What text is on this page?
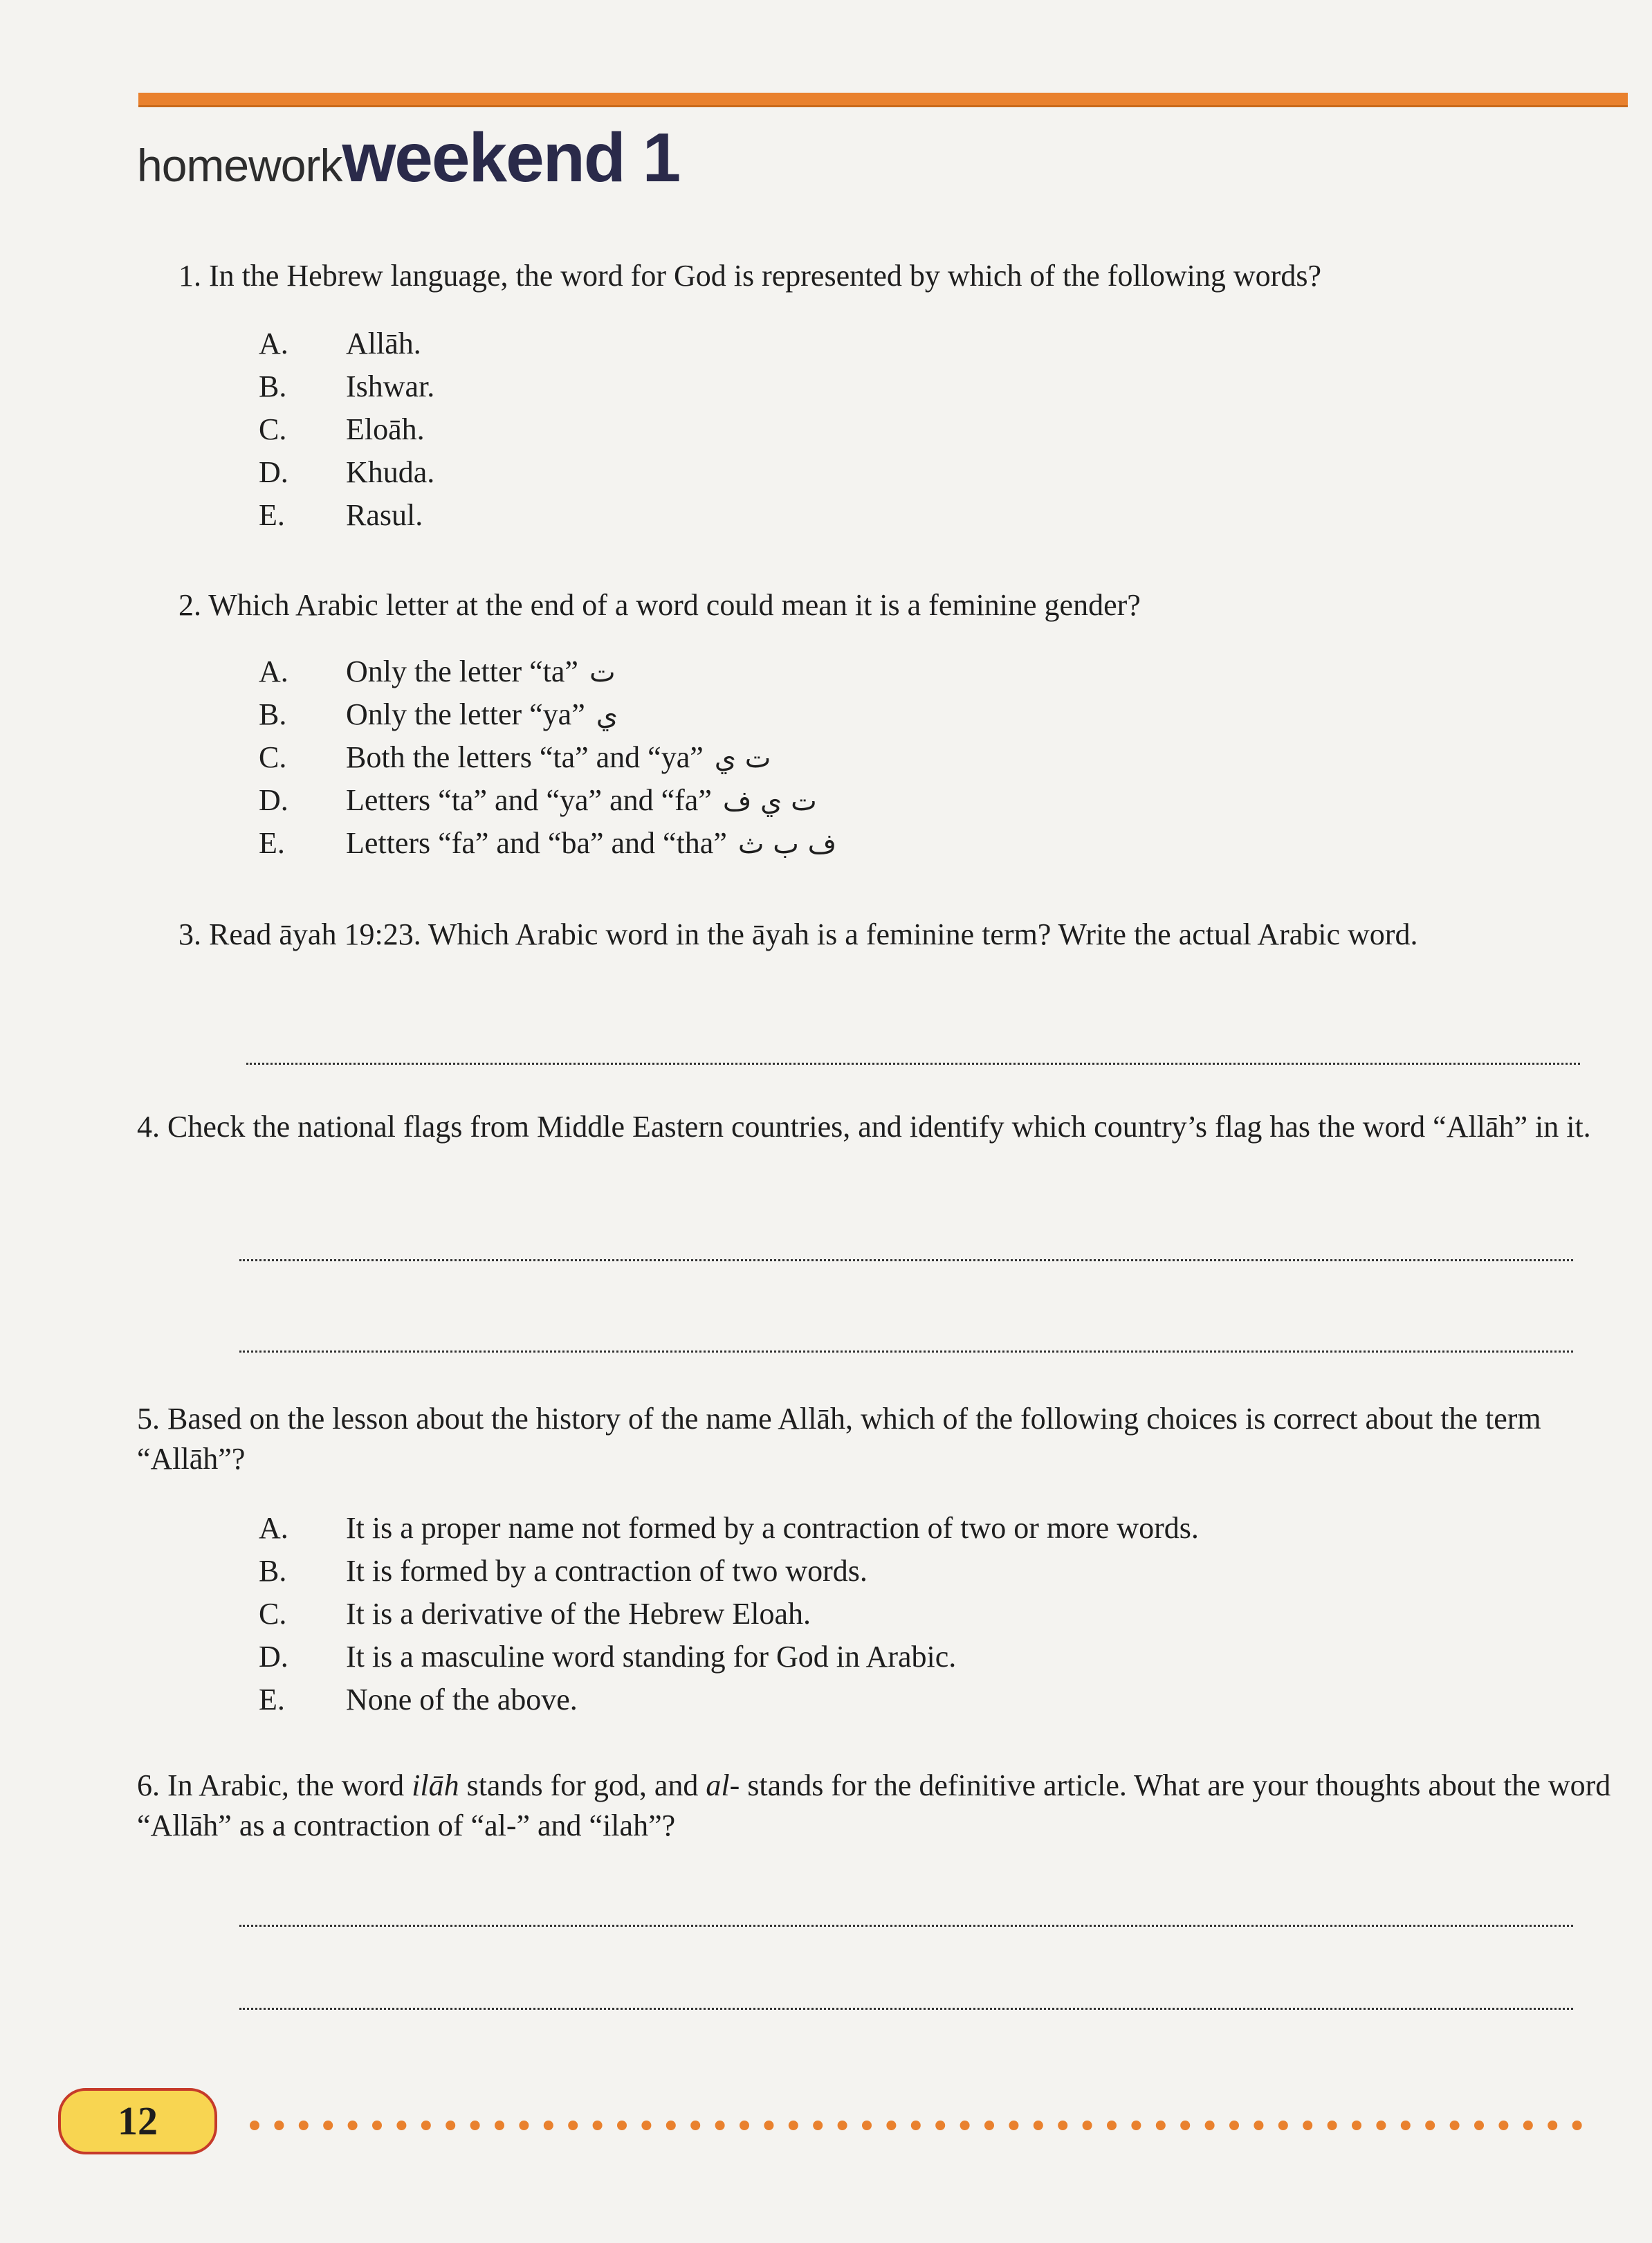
homeworkweekend 1
1. In the Hebrew language, the word for God is represented by which of the following words?
A. Allāh.
B. Ishwar.
C. Eloāh.
D. Khuda.
E. Rasul.
2. Which Arabic letter at the end of a word could mean it is a feminine gender?
A. Only the letter “ta” ت
B. Only the letter “ya” ي
C. Both the letters “ta” and “ya” ت ي
D. Letters “ta” and “ya” and “fa” ت ي ف
E. Letters “fa” and “ba” and “tha” ف ب ث
3. Read āyah 19:23. Which Arabic word in the āyah is a feminine term? Write the actual Arabic word.
4. Check the national flags from Middle Eastern countries, and identify which country’s flag has the word “Allāh” in it.
5. Based on the lesson about the history of the name Allāh, which of the following choices is correct about the term “Allāh”?
A. It is a proper name not formed by a contraction of two or more words.
B. It is formed by a contraction of two words.
C. It is a derivative of the Hebrew Eloah.
D. It is a masculine word standing for God in Arabic.
E. None of the above.
6. In Arabic, the word ilāh stands for god, and al- stands for the definitive article. What are your thoughts about the word “Allāh” as a contraction of “al-” and “ilah”?
12
